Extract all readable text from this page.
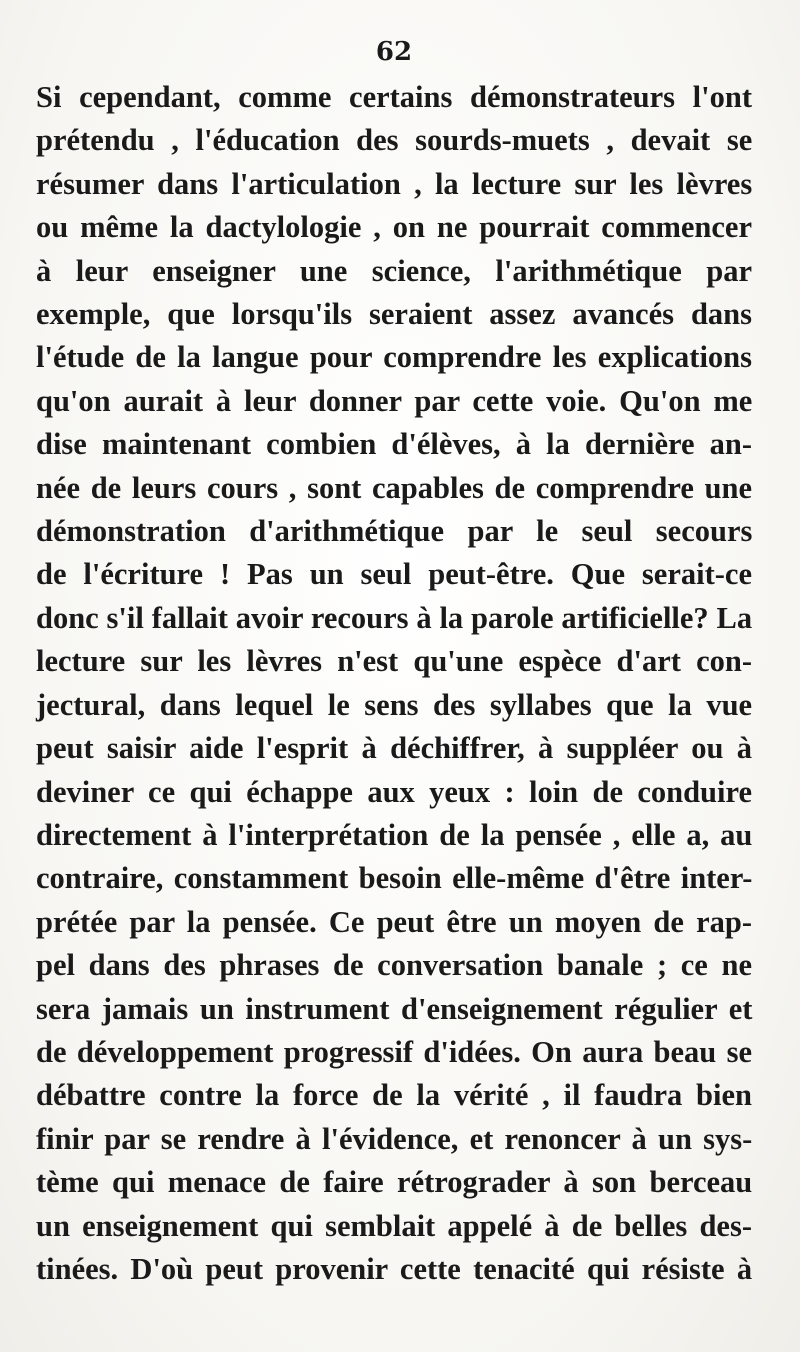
62
Si cependant, comme certains démonstrateurs l'ont
prétendu , l'éducation des sourds-muets , devait se
résumer dans l'articulation , la lecture sur les lèvres
ou même la dactylologie , on ne pourrait commencer
à leur enseigner une science, l'arithmétique par
exemple, que lorsqu'ils seraient assez avancés dans
l'étude de la langue pour comprendre les explications
qu'on aurait à leur donner par cette voie. Qu'on me
dise maintenant combien d'élèves, à la dernière an-
née de leurs cours , sont capables de comprendre une
démonstration d'arithmétique par le seul secours
de l'écriture ! Pas un seul peut-être. Que serait-ce
donc s'il fallait avoir recours à la parole artificielle? La
lecture sur les lèvres n'est qu'une espèce d'art con-
jectural, dans lequel le sens des syllabes que la vue
peut saisir aide l'esprit à déchiffrer, à suppléer ou à
deviner ce qui échappe aux yeux : loin de conduire
directement à l'interprétation de la pensée , elle a, au
contraire, constamment besoin elle-même d'être inter-
prétée par la pensée. Ce peut être un moyen de rap-
pel dans des phrases de conversation banale ; ce ne
sera jamais un instrument d'enseignement régulier et
de développement progressif d'idées. On aura beau se
débattre contre la force de la vérité , il faudra bien
finir par se rendre à l'évidence, et renoncer à un sys-
tème qui menace de faire rétrograder à son berceau
un enseignement qui semblait appelé à de belles des-
tinées. D'où peut provenir cette tenacité qui résiste à
